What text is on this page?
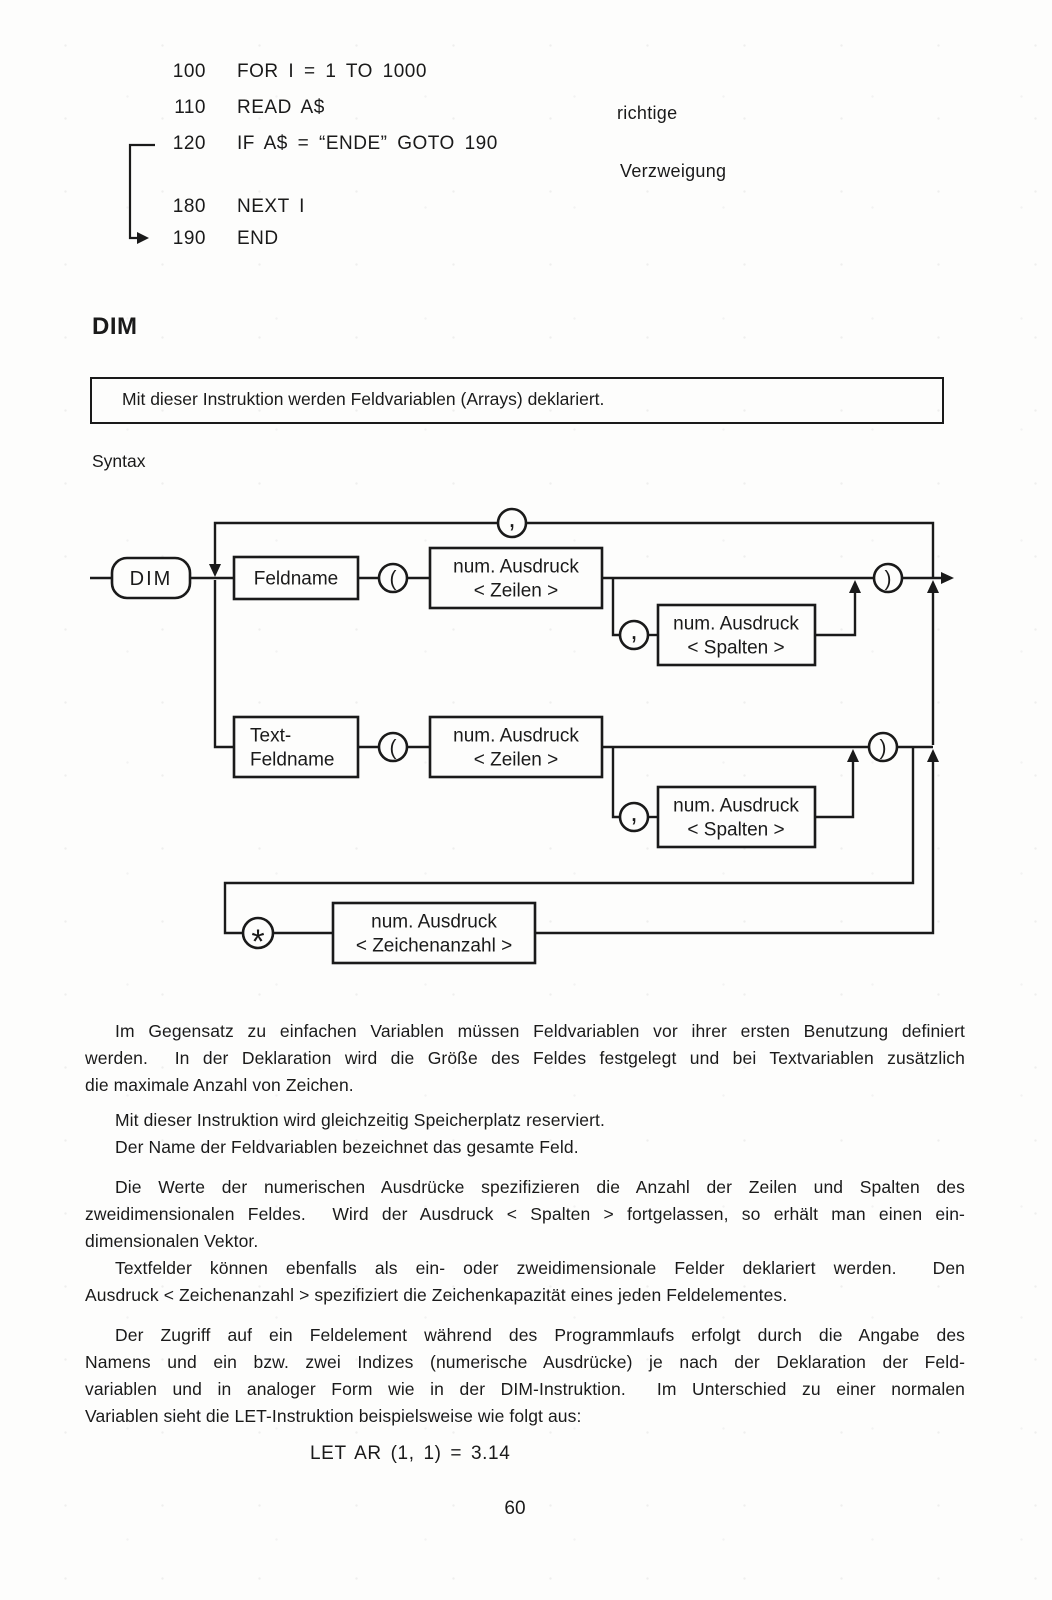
100 FOR I = 1 TO 1000
110 READ A$
120 IF A$ = “ENDE” GOTO 190
180 NEXT I
190 END
richtige
Verzweigung
DIM
Mit dieser Instruktion werden Feldvariablen (Arrays) deklariert.
Syntax
DIM	Feldname
num. Ausdruck
< Zeilen >
num. Ausdruck
< Spalten >
Text-
Feldname
num. Ausdruck
< Zeilen >
num. Ausdruck
< Spalten >
num. Ausdruck
< Zeichenanzahl >
(	)
(	)
,
,
,
*
Im Gegensatz zu einfachen Variablen müssen Feldvariablen vor ihrer ersten Benutzung definiert
werden.  In der Deklaration wird die Größe des Feldes festgelegt und bei Textvariablen zusätzlich
die maximale Anzahl von Zeichen.
Mit dieser Instruktion wird gleichzeitig Speicherplatz reserviert.
Der Name der Feldvariablen bezeichnet das gesamte Feld.
Die Werte der numerischen Ausdrücke spezifizieren die Anzahl der Zeilen und Spalten des
zweidimensionalen Feldes.  Wird der Ausdruck < Spalten > fortgelassen, so erhält man einen ein-
dimensionalen Vektor.
Textfelder können ebenfalls als ein- oder zweidimensionale Felder deklariert werden.  Den
Ausdruck < Zeichenanzahl > spezifiziert die Zeichenkapazität eines jeden Feldelementes.
Der Zugriff auf ein Feldelement während des Programmlaufs erfolgt durch die Angabe des
Namens und ein bzw. zwei Indizes (numerische Ausdrücke) je nach der Deklaration der Feld-
variablen und in analoger Form wie in der DIM-Instruktion.  Im Unterschied zu einer normalen
Variablen sieht die LET-Instruktion beispielsweise wie folgt aus:
LET AR (1, 1) = 3.14
60
